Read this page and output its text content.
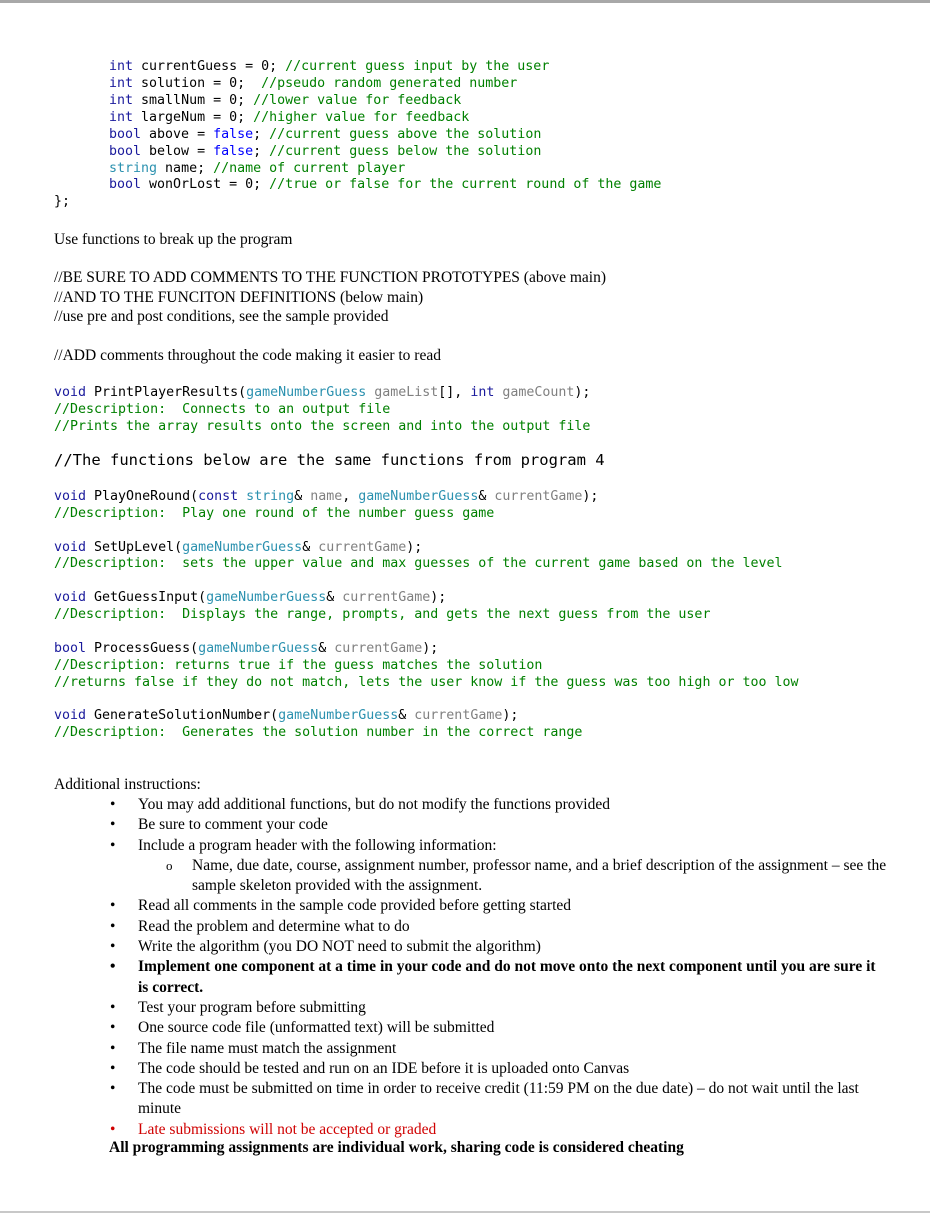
int currentGuess = 0; //current guess input by the user
int solution = 0;  //pseudo random generated number
int smallNum = 0; //lower value for feedback
int largeNum = 0; //higher value for feedback
bool above = false; //current guess above the solution
bool below = false; //current guess below the solution
string name; //name of current player
bool wonOrLost = 0; //true or false for the current round of the game
};
Use functions to break up the program
//BE SURE TO ADD COMMENTS TO THE FUNCTION PROTOTYPES (above main)
//AND TO THE FUNCITON DEFINITIONS (below main)
//use pre and post conditions, see the sample provided
//ADD comments throughout the code making it easier to read
void PrintPlayerResults(gameNumberGuess gameList[], int gameCount);
//Description:  Connects to an output file
//Prints the array results onto the screen and into the output file
//The functions below are the same functions from program 4
void PlayOneRound(const string& name, gameNumberGuess& currentGame);
//Description:  Play one round of the number guess game
void SetUpLevel(gameNumberGuess& currentGame);
//Description:  sets the upper value and max guesses of the current game based on the level
void GetGuessInput(gameNumberGuess& currentGame);
//Description:  Displays the range, prompts, and gets the next guess from the user
bool ProcessGuess(gameNumberGuess& currentGame);
//Description: returns true if the guess matches the solution
//returns false if they do not match, lets the user know if the guess was too high or too low
void GenerateSolutionNumber(gameNumberGuess& currentGame);
//Description:  Generates the solution number in the correct range
Additional instructions:
• You may add additional functions, but do not modify the functions provided
• Be sure to comment your code
• Include a program header with the following information:
o Name, due date, course, assignment number, professor name, and a brief description of the assignment – see the sample skeleton provided with the assignment.
• Read all comments in the sample code provided before getting started
• Read the problem and determine what to do
• Write the algorithm (you DO NOT need to submit the algorithm)
• Implement one component at a time in your code and do not move onto the next component until you are sure it is correct.
• Test your program before submitting
• One source code file (unformatted text) will be submitted
• The file name must match the assignment
• The code should be tested and run on an IDE before it is uploaded onto Canvas
• The code must be submitted on time in order to receive credit (11:59 PM on the due date) – do not wait until the last minute
• Late submissions will not be accepted or graded
All programming assignments are individual work, sharing code is considered cheating
